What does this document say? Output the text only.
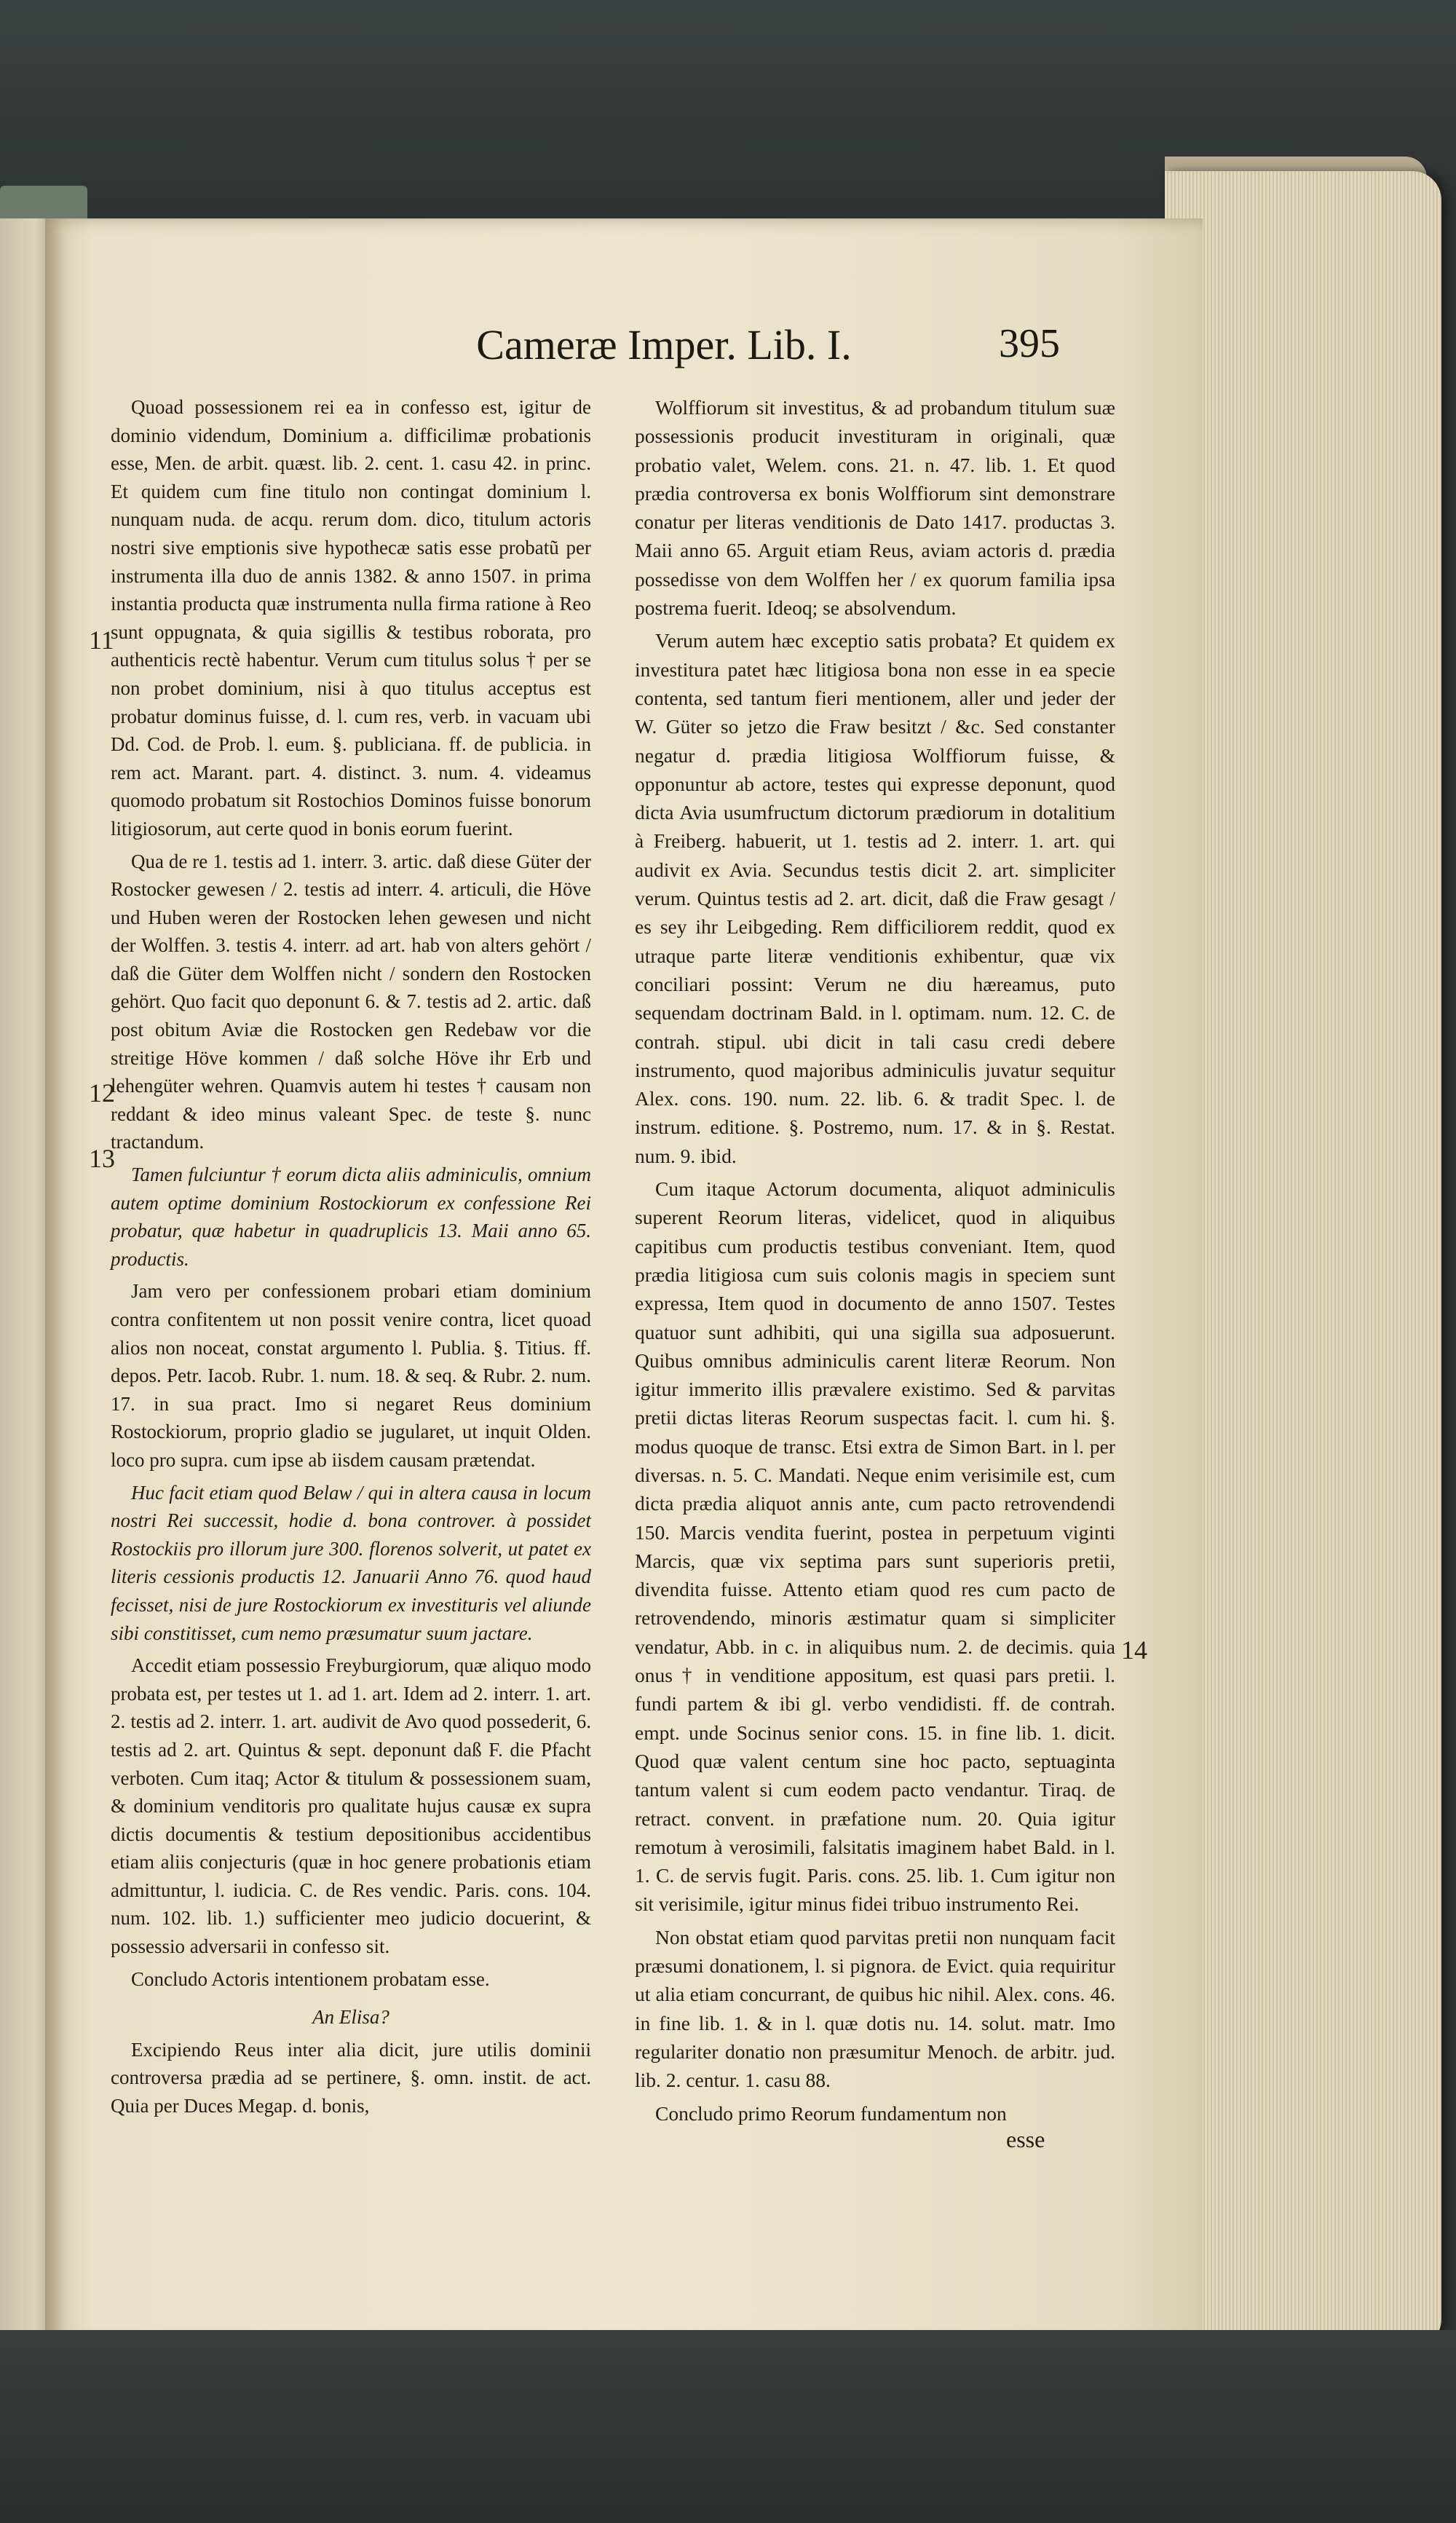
Cameræ Imper. Lib. I.	395

Quoad possessionem rei ea in confesso est, igitur de dominio videndum, Dominium a. difficilimæ probationis esse, Men. de arbit. quæst. lib. 2. cent. 1. casu 42. in princ. Et quidem cum fine titulo non contingat dominium l. nunquam nuda. de acqu. rerum dom. dico, titulum actoris nostri sive emptionis sive hypothecæ satis esse probatũ per instrumenta illa duo de annis 1382. & anno 1507. in prima instantia producta quæ instrumenta nulla firma ratione à Reo sunt oppugnata, & quia sigillis & testibus roborata, pro authenticis rectè habentur. Verum cum titulus solus † per se non probet dominium, nisi à quo titulus acceptus est probatur dominus fuisse, d. l. cum res, verb. in vacuam ubi Dd. Cod. de Prob. l. eum. §. publiciana. ff. de publicia. in rem act. Marant. part. 4. distinct. 3. num. 4. videamus quomodo probatum sit Rostochios Dominos fuisse bonorum litigiosorum, aut certe quod in bonis eorum fuerint.

Qua de re 1. testis ad 1. interr. 3. artic. daß diese Güter der Rostocker gewesen / 2. testis ad interr. 4. articuli, die Höve und Huben weren der Rostocken lehen gewesen und nicht der Wolffen. 3. testis 4. interr. ad art. hab von alters gehört / daß die Güter dem Wolffen nicht / sondern den Rostocken gehört. Quo facit quo deponunt 6. & 7. testis ad 2. artic. daß post obitum Aviæ die Rostocken gen Redebaw vor die streitige Höve kommen / daß solche Höve ihr Erb und lehengüter wehren. Quamvis autem hi testes † causam non reddant & ideo minus valeant Spec. de teste §. nunc tractandum.

Tamen fulciuntur † eorum dicta aliis adminiculis, omnium autem optime dominium Rostockiorum ex confessione Rei probatur, quæ habetur in quadruplicis 13. Maii anno 65. productis.

Jam vero per confessionem probari etiam dominium contra confitentem ut non possit venire contra, licet quoad alios non noceat, constat argumento l. Publia. §. Titius. ff. depos. Petr. Iacob. Rubr. 1. num. 18. & seq. & Rubr. 2. num. 17. in sua pract. Imo si negaret Reus dominium Rostockiorum, proprio gladio se jugularet, ut inquit Olden. loco pro supra. cum ipse ab iisdem causam prætendat.

Huc facit etiam quod Belaw / qui in altera causa in locum nostri Rei successit, hodie d. bona controver. à possidet Rostockiis pro illorum jure 300. florenos solverit, ut patet ex literis cessionis productis 12. Januarii Anno 76. quod haud fecisset, nisi de jure Rostockiorum ex investituris vel aliunde sibi constitisset, cum nemo præsumatur suum jactare.

Accedit etiam possessio Freyburgiorum, quæ aliquo modo probata est, per testes ut 1. ad 1. art. Idem ad 2. interr. 1. art. 2. testis ad 2. interr. 1. art. audivit de Avo quod possederit, 6. testis ad 2. art. Quintus & sept. deponunt daß F. die Pfacht verboten. Cum itaq; Actor & titulum & possessionem suam, & dominium venditoris pro qualitate hujus causæ ex supra dictis documentis & testium depositionibus accidentibus etiam aliis conjecturis (quæ in hoc genere probationis etiam admittuntur, l. iudicia. C. de Res vendic. Paris. cons. 104. num. 102. lib. 1.) sufficienter meo judicio docuerint, & possessio adversarii in confesso sit.

Concludo Actoris intentionem probatam esse.

An Elisa?

Excipiendo Reus inter alia dicit, jure utilis dominii controversa prædia ad se pertinere, §. omn. instit. de act. Quia per Duces Megap. d. bonis,

Wolffiorum sit investitus, & ad probandum titulum suæ possessionis producit investituram in originali, quæ probatio valet, Welem. cons. 21. n. 47. lib. 1. Et quod prædia controversa ex bonis Wolffiorum sint demonstrare conatur per literas venditionis de Dato 1417. productas 3. Maii anno 65. Arguit etiam Reus, aviam actoris d. prædia possedisse von dem Wolffen her / ex quorum familia ipsa postrema fuerit. Ideoq; se absolvendum.

Verum autem hæc exceptio satis probata? Et quidem ex investitura patet hæc litigiosa bona non esse in ea specie contenta, sed tantum fieri mentionem, aller und jeder der W. Güter so jetzo die Fraw besitzt / &c. Sed constanter negatur d. prædia litigiosa Wolffiorum fuisse, & opponuntur ab actore, testes qui expresse deponunt, quod dicta Avia usumfructum dictorum prædiorum in dotalitium à Freiberg. habuerit, ut 1. testis ad 2. interr. 1. art. qui audivit ex Avia. Secundus testis dicit 2. art. simpliciter verum. Quintus testis ad 2. art. dicit, daß die Fraw gesagt / es sey ihr Leibgeding. Rem difficiliorem reddit, quod ex utraque parte literæ venditionis exhibentur, quæ vix conciliari possint: Verum ne diu hæreamus, puto sequendam doctrinam Bald. in l. optimam. num. 12. C. de contrah. stipul. ubi dicit in tali casu credi debere instrumento, quod majoribus adminiculis juvatur sequitur Alex. cons. 190. num. 22. lib. 6. & tradit Spec. l. de instrum. editione. §. Postremo, num. 17. & in §. Restat. num. 9. ibid.

Cum itaque Actorum documenta, aliquot adminiculis superent Reorum literas, videlicet, quod in aliquibus capitibus cum productis testibus conveniant. Item, quod prædia litigiosa cum suis colonis magis in speciem sunt expressa, Item quod in documento de anno 1507. Testes quatuor sunt adhibiti, qui una sigilla sua adposuerunt. Quibus omnibus adminiculis carent literæ Reorum. Non igitur immerito illis prævalere existimo. Sed & parvitas pretii dictas literas Reorum suspectas facit. l. cum hi. §. modus quoque de transc. Etsi extra de Simon Bart. in l. per diversas. n. 5. C. Mandati. Neque enim verisimile est, cum dicta prædia aliquot annis ante, cum pacto retrovendendi 150. Marcis vendita fuerint, postea in perpetuum viginti Marcis, quæ vix septima pars sunt superioris pretii, divendita fuisse. Attento etiam quod res cum pacto de retrovendendo, minoris æstimatur quam si simpliciter vendatur, Abb. in c. in aliquibus num. 2. de decimis. quia onus † in venditione appositum, est quasi pars pretii. l. fundi partem & ibi gl. verbo vendidisti. ff. de contrah. empt. unde Socinus senior cons. 15. in fine lib. 1. dicit. Quod quæ valent centum sine hoc pacto, septuaginta tantum valent si cum eodem pacto vendantur. Tiraq. de retract. convent. in præfatione num. 20. Quia igitur remotum à verosimili, falsitatis imaginem habet Bald. in l. 1. C. de servis fugit. Paris. cons. 25. lib. 1. Cum igitur non sit verisimile, igitur minus fidei tribuo instrumento Rei.

Non obstat etiam quod parvitas pretii non nunquam facit præsumi donationem, l. si pignora. de Evict. quia requiritur ut alia etiam concurrant, de quibus hic nihil. Alex. cons. 46. in fine lib. 1. & in l. quæ dotis nu. 14. solut. matr. Imo regulariter donatio non præsumitur Menoch. de arbitr. jud. lib. 2. centur. 1. casu 88.

Concludo primo Reorum fundamentum non

11
12
13
14
esse
